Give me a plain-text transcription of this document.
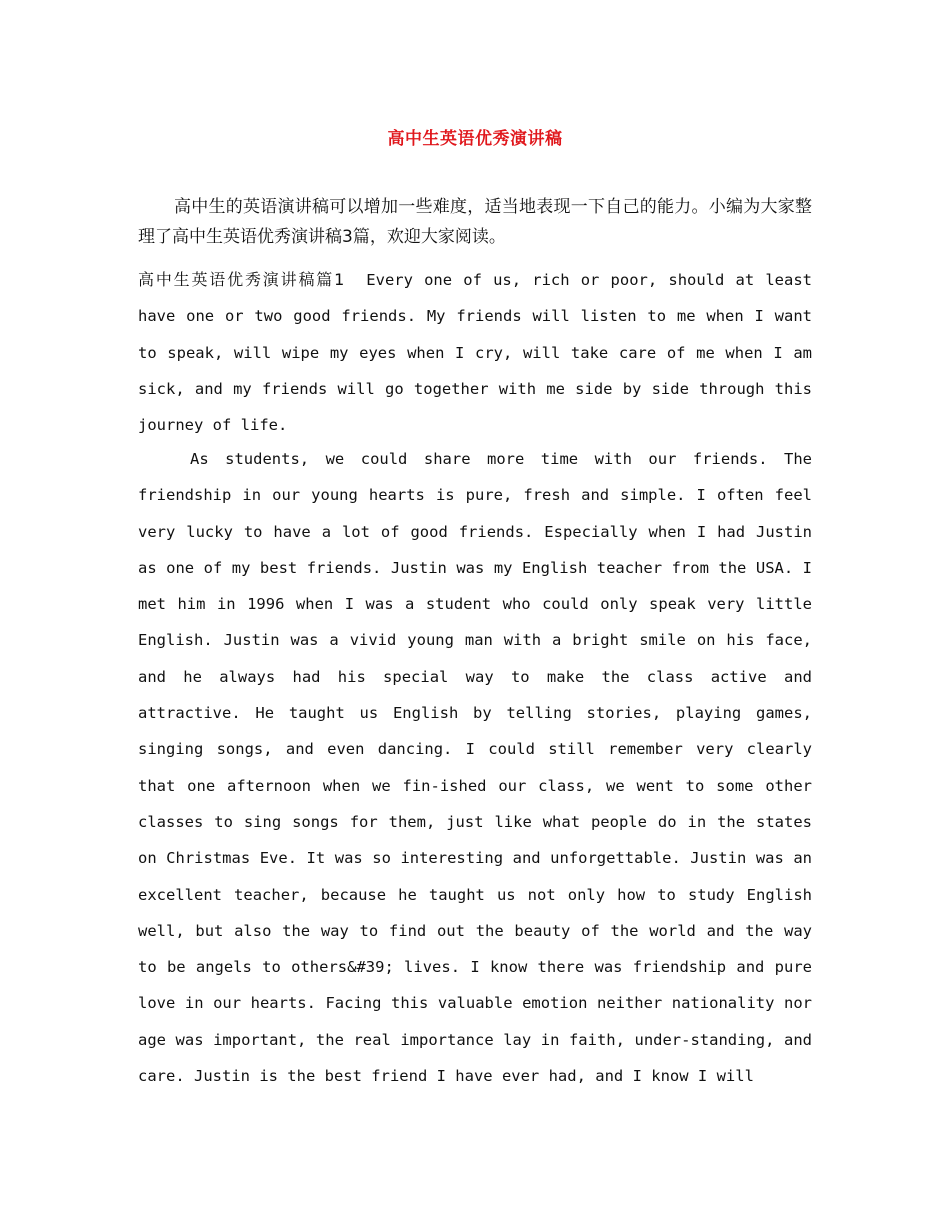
高中生英语优秀演讲稿

高中生的英语演讲稿可以增加一些难度，适当地表现一下自己的能力。小编为大家整理了高中生英语优秀演讲稿3篇，欢迎大家阅读。

高中生英语优秀演讲稿篇1 Every one of us, rich or poor, should at least have one or two good friends. My friends will listen to me when I want to speak, will wipe my eyes when I cry, will take care of me when I am sick, and my friends will go together with me side by side through this journey of life.

As students, we could share more time with our friends. The friendship in our young hearts is pure, fresh and simple. I often feel very lucky to have a lot of good friends. Especially when I had Justin as one of my best friends. Justin was my English teacher from the USA. I met him in 1996 when I was a student who could only speak very little English. Justin was a vivid young man with a bright smile on his face, and he always had his special way to make the class active and attractive. He taught us English by telling stories, playing games, singing songs, and even dancing. I could still remember very clearly that one afternoon when we fin-ished our class, we went to some other classes to sing songs for them, just like what people do in the states on Christmas Eve. It was so interesting and unforgettable. Justin was an excellent teacher, because he taught us not only how to study English well, but also the way to find out the beauty of the world and the way to be angels to others&#39; lives. I know there was friendship and pure love in our hearts. Facing this valuable emotion neither nationality nor age was important, the real importance lay in faith, under-standing, and care. Justin is the best friend I have ever had, and I know I will
